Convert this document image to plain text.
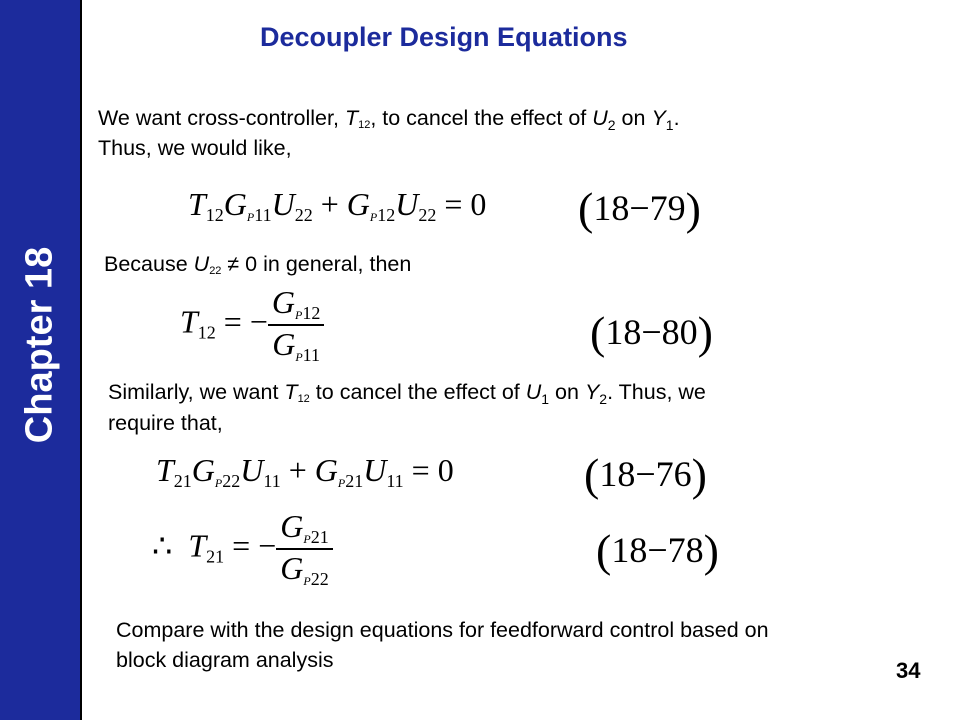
Chapter 18
Decoupler Design Equations
We want cross-controller, $T_{12}$, to cancel the effect of $U_2$ on $Y_1$.
Thus, we would like,
T12GP11U22 + GP12U22 = 0 (18−79)
Because $U_{22} \ne 0$ in general, then
T12 = − $\frac{GP12}{GP11}$	(18−80)
Similarly, we want $T_{12}$ to cancel the effect of $U_1$ on $Y_2$. Thus, we
require that,
T21GP22U11 + GP21U11 = 0	(18−76)
∴  T21 = − $\frac{GP21}{GP22}$	(18−78)
Compare with the design equations for feedforward control based on
block diagram analysis	34
